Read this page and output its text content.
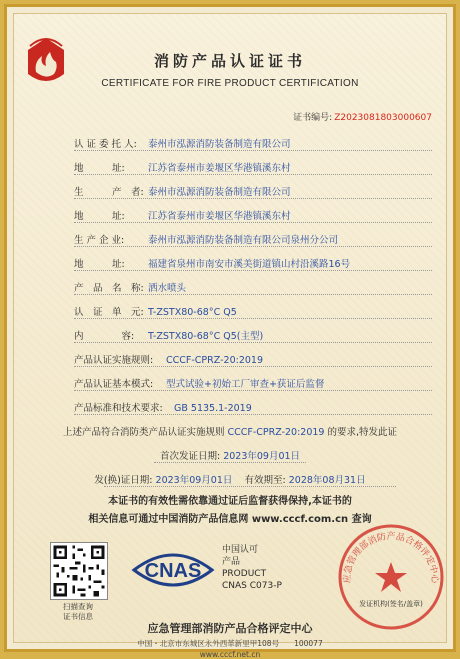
消防产品认证证书
CERTIFICATE FOR FIRE PRODUCT CERTIFICATION
证书编号: Z2023081803000607
认 证 委 托 人: 泰州市泓源消防装备制造有限公司
地　　　址: 江苏省泰州市姜堰区华港镇溪东村
生　　　产　者: 泰州市泓源消防装备制造有限公司
地　　　址: 江苏省泰州市姜堰区华港镇溪东村
生 产 企 业: 泰州市泓源消防装备制造有限公司泉州分公司
地　　　址: 福建省泉州市南安市溪美街道镇山村沿溪路16号
产　品　名　称: 洒水喷头
认　证　单　元: T-ZSTX80-68°C Q5
内　　　　容: T-ZSTX80-68°C Q5(主型)
产品认证实施规则: CCCF-CPRZ-20:2019
产品认证基本模式: 型式试验+初始工厂审查+获证后监督
产品标准和技术要求: GB 5135.1-2019
上述产品符合消防类产品认证实施规则 CCCF-CPRZ-20:2019 的要求,特发此证
首次发证日期: 2023年09月01日
发(换)证日期: 2023年09月01日 有效期至: 2028年08月31日
本证书的有效性需依靠通过证后监督获得保持,本证书的
相关信息可通过中国消防产品信息网 www.cccf.com.cn 查询
扫描查询
证书信息
CNAS
中国认可
产品
PRODUCT
CNAS C073-P
应急管理部消防产品合格评定中心
发证机构(签名/盖章)
应急管理部消防产品合格评定中心
中国・北京市东城区永外西革新里甲108号　　100077
www.cccf.net.cn
